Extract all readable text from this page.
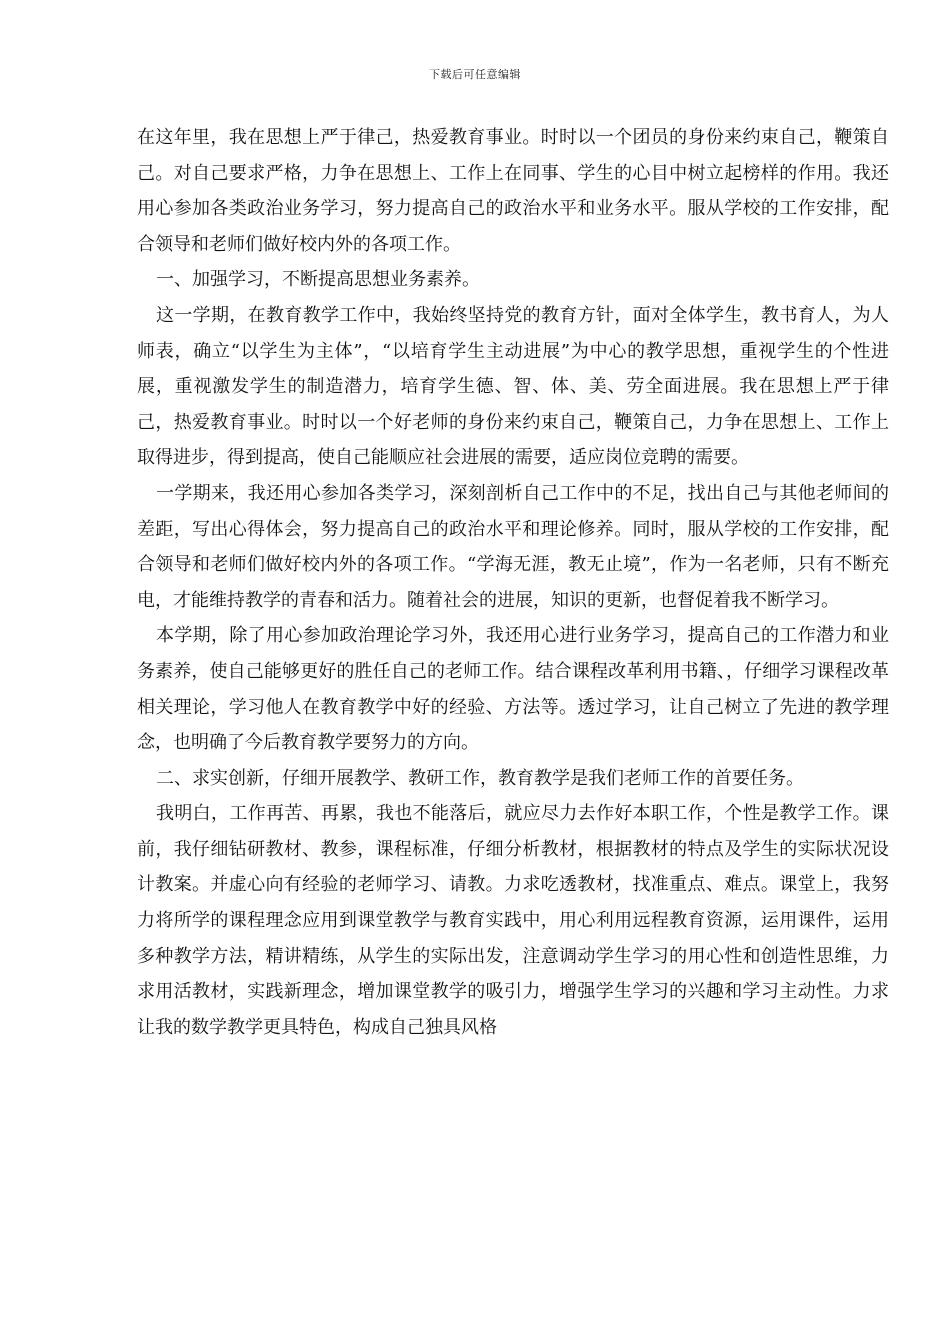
下载后可任意编辑

在这年里，我在思想上严于律己，热爱教育事业。时时以一个团员的身份来约束自己，鞭策自己。对自己要求严格，力争在思想上、工作上在同事、学生的心目中树立起榜样的作用。我还用心参加各类政治业务学习，努力提高自己的政治水平和业务水平。服从学校的工作安排，配合领导和老师们做好校内外的各项工作。

一、加强学习，不断提高思想业务素养。

这一学期，在教育教学工作中，我始终坚持党的教育方针，面对全体学生，教书育人，为人师表，确立“以学生为主体”，“以培育学生主动进展”为中心的教学思想，重视学生的个性进展，重视激发学生的制造潜力，培育学生德、智、体、美、劳全面进展。我在思想上严于律己，热爱教育事业。时时以一个好老师的身份来约束自己，鞭策自己，力争在思想上、工作上取得进步，得到提高，使自己能顺应社会进展的需要，适应岗位竞聘的需要。

一学期来，我还用心参加各类学习，深刻剖析自己工作中的不足，找出自己与其他老师间的差距，写出心得体会，努力提高自己的政治水平和理论修养。同时，服从学校的工作安排，配合领导和老师们做好校内外的各项工作。“学海无涯，教无止境”，作为一名老师，只有不断充电，才能维持教学的青春和活力。随着社会的进展，知识的更新，也督促着我不断学习。

本学期，除了用心参加政治理论学习外，我还用心进行业务学习，提高自己的工作潜力和业务素养，使自己能够更好的胜任自己的老师工作。结合课程改革利用书籍、，仔细学习课程改革相关理论，学习他人在教育教学中好的经验、方法等。透过学习，让自己树立了先进的教学理念，也明确了今后教育教学要努力的方向。

二、求实创新，仔细开展教学、教研工作，教育教学是我们老师工作的首要任务。

我明白，工作再苦、再累，我也不能落后，就应尽力去作好本职工作，个性是教学工作。课前，我仔细钻研教材、教参，课程标准，仔细分析教材，根据教材的特点及学生的实际状况设计教案。并虚心向有经验的老师学习、请教。力求吃透教材，找准重点、难点。课堂上，我努力将所学的课程理念应用到课堂教学与教育实践中，用心利用远程教育资源，运用课件，运用多种教学方法，精讲精练，从学生的实际出发，注意调动学生学习的用心性和创造性思维，力求用活教材，实践新理念，增加课堂教学的吸引力，增强学生学习的兴趣和学习主动性。力求让我的数学教学更具特色，构成自己独具风格
